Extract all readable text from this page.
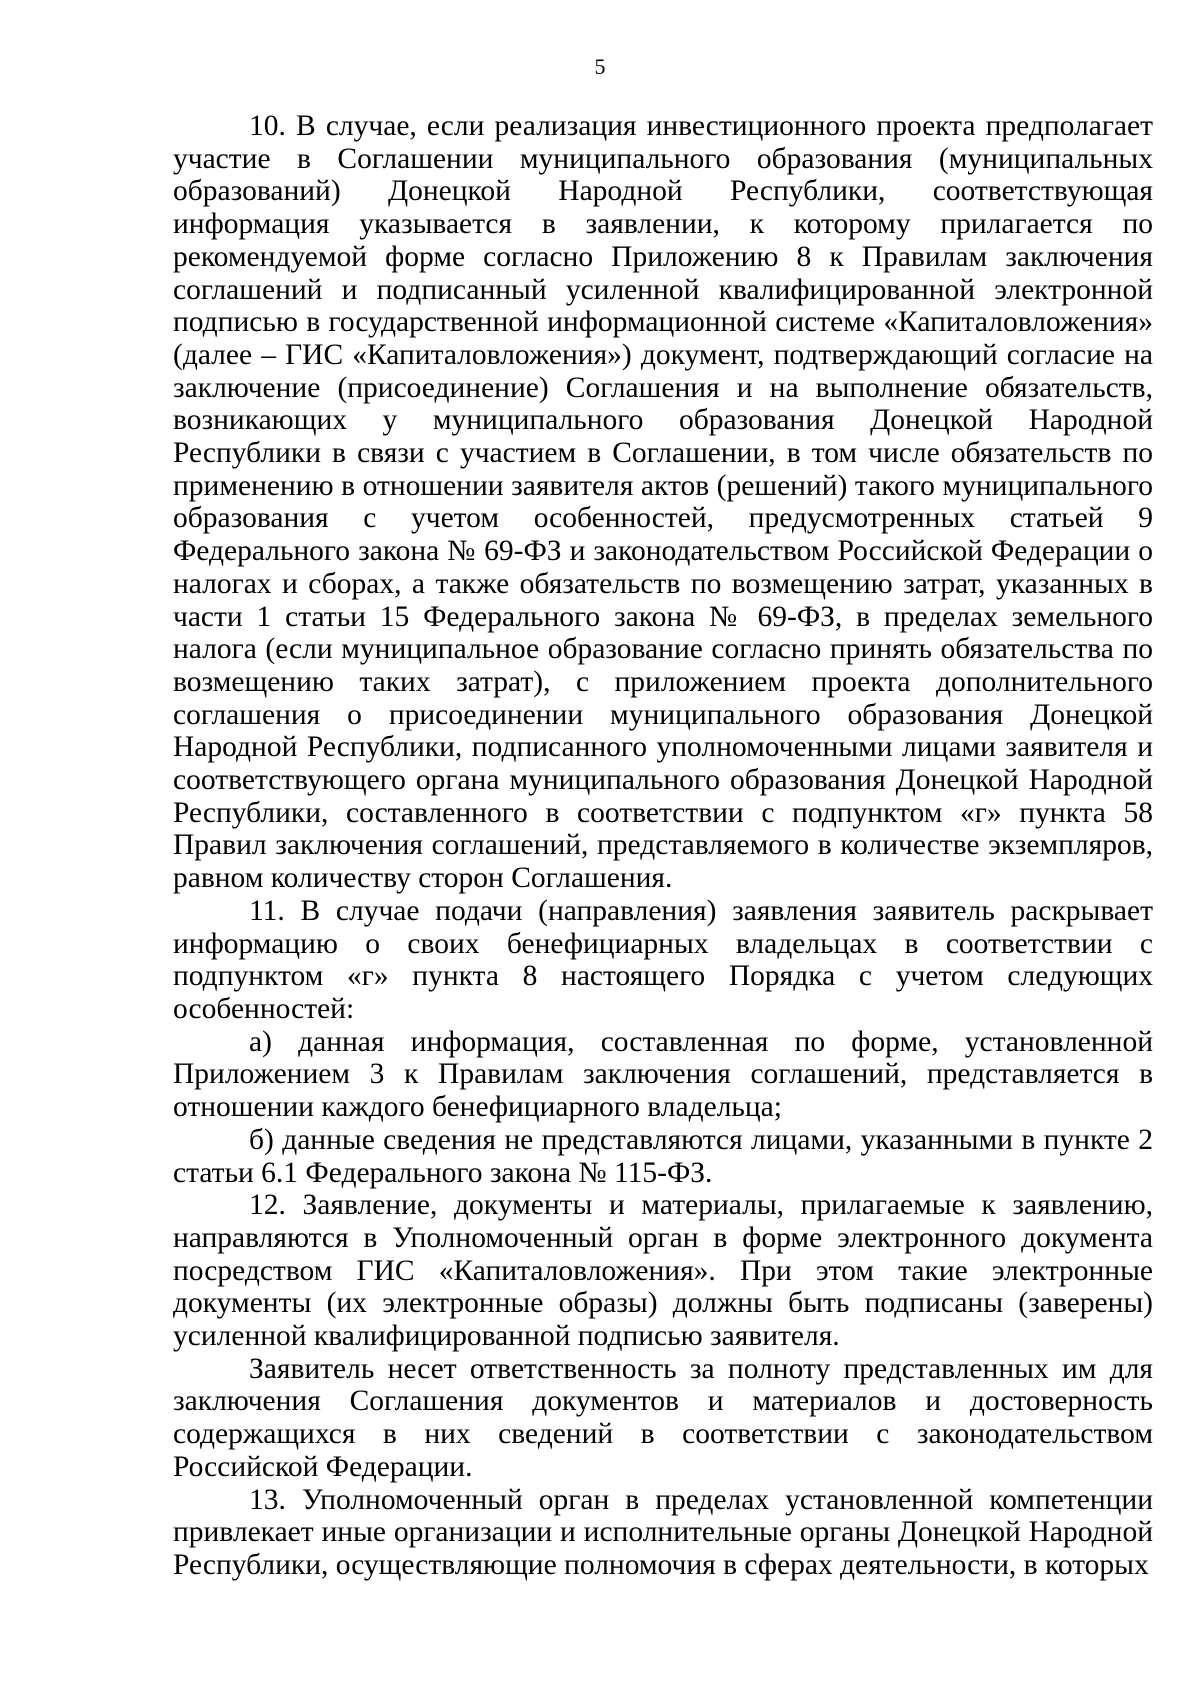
5

10. В случае, если реализация инвестиционного проекта предполагает участие в Соглашении муниципального образования (муниципальных образований) Донецкой Народной Республики, соответствующая информация указывается в заявлении, к которому прилагается по рекомендуемой форме согласно Приложению 8 к Правилам заключения соглашений и подписанный усиленной квалифицированной электронной подписью в государственной информационной системе «Капиталовложения» (далее – ГИС «Капиталовложения») документ, подтверждающий согласие на заключение (присоединение) Соглашения и на выполнение обязательств, возникающих у муниципального образования Донецкой Народной Республики в связи с участием в Соглашении, в том числе обязательств по применению в отношении заявителя актов (решений) такого муниципального образования с учетом особенностей, предусмотренных статьей 9 Федерального закона № 69-ФЗ и законодательством Российской Федерации о налогах и сборах, а также обязательств по возмещению затрат, указанных в части 1 статьи 15 Федерального закона № 69-ФЗ, в пределах земельного налога (если муниципальное образование согласно принять обязательства по возмещению таких затрат), с приложением проекта дополнительного соглашения о присоединении муниципального образования Донецкой Народной Республики, подписанного уполномоченными лицами заявителя и соответствующего органа муниципального образования Донецкой Народной Республики, составленного в соответствии с подпунктом «г» пункта 58 Правил заключения соглашений, представляемого в количестве экземпляров, равном количеству сторон Соглашения.

11. В случае подачи (направления) заявления заявитель раскрывает информацию о своих бенефициарных владельцах в соответствии с подпунктом «г» пункта 8 настоящего Порядка с учетом следующих особенностей:

а) данная информация, составленная по форме, установленной Приложением 3 к Правилам заключения соглашений, представляется в отношении каждого бенефициарного владельца;

б) данные сведения не представляются лицами, указанными в пункте 2 статьи 6.1 Федерального закона № 115-ФЗ.

12. Заявление, документы и материалы, прилагаемые к заявлению, направляются в Уполномоченный орган в форме электронного документа посредством ГИС «Капиталовложения». При этом такие электронные документы (их электронные образы) должны быть подписаны (заверены) усиленной квалифицированной подписью заявителя.

Заявитель несет ответственность за полноту представленных им для заключения Соглашения документов и материалов и достоверность содержащихся в них сведений в соответствии с законодательством Российской Федерации.

13. Уполномоченный орган в пределах установленной компетенции привлекает иные организации и исполнительные органы Донецкой Народной Республики, осуществляющие полномочия в сферах деятельности, в которых
